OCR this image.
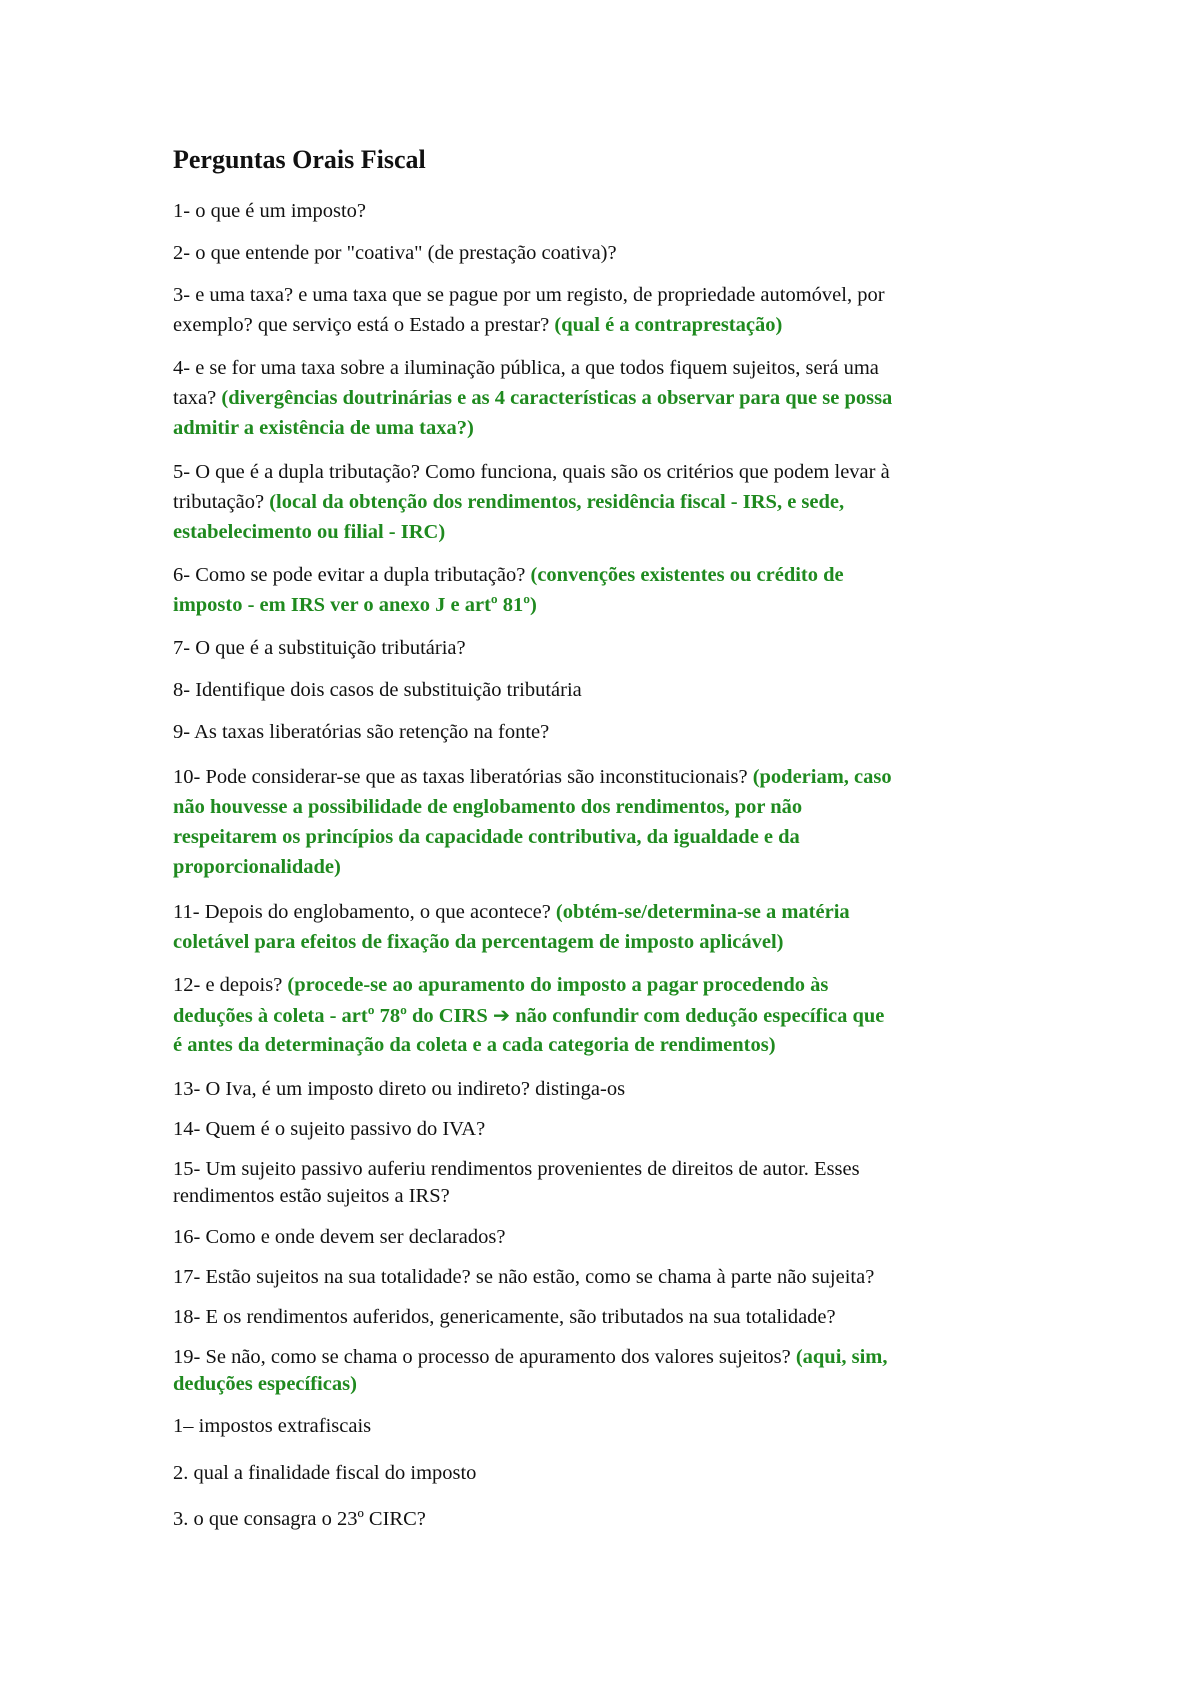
Perguntas Orais Fiscal
1- o que é um imposto?
2- o que entende por "coativa" (de prestação coativa)?
3- e uma taxa? e uma taxa que se pague por um registo, de propriedade automóvel, por
exemplo? que serviço está o Estado a prestar? (qual é a contraprestação)
4- e se for uma taxa sobre a iluminação pública, a que todos fiquem sujeitos, será uma
taxa? (divergências doutrinárias e as 4 características a observar para que se possa
admitir a existência de uma taxa?)
5- O que é a dupla tributação? Como funciona, quais são os critérios que podem levar à
tributação? (local da obtenção dos rendimentos, residência fiscal - IRS, e sede,
estabelecimento ou filial - IRC)
6- Como se pode evitar a dupla tributação? (convenções existentes ou crédito de
imposto - em IRS ver o anexo J e artº 81º)
7- O que é a substituição tributária?
8- Identifique dois casos de substituição tributária
9- As taxas liberatórias são retenção na fonte?
10- Pode considerar-se que as taxas liberatórias são inconstitucionais? (poderiam, caso
não houvesse a possibilidade de englobamento dos rendimentos, por não
respeitarem os princípios da capacidade contributiva, da igualdade e da
proporcionalidade)
11- Depois do englobamento, o que acontece? (obtém-se/determina-se a matéria
coletável para efeitos de fixação da percentagem de imposto aplicável)
12- e depois? (procede-se ao apuramento do imposto a pagar procedendo às
deduções à coleta - artº 78º do CIRS ➔ não confundir com dedução específica que
é antes da determinação da coleta e a cada categoria de rendimentos)
13- O Iva, é um imposto direto ou indireto? distinga-os
14- Quem é o sujeito passivo do IVA?
15- Um sujeito passivo auferiu rendimentos provenientes de direitos de autor. Esses
rendimentos estão sujeitos a IRS?
16- Como e onde devem ser declarados?
17- Estão sujeitos na sua totalidade? se não estão, como se chama à parte não sujeita?
18- E os rendimentos auferidos, genericamente, são tributados na sua totalidade?
19- Se não, como se chama o processo de apuramento dos valores sujeitos? (aqui, sim,
deduções específicas)
1– impostos extrafiscais
2. qual a finalidade fiscal do imposto
3. o que consagra o 23º CIRC?
